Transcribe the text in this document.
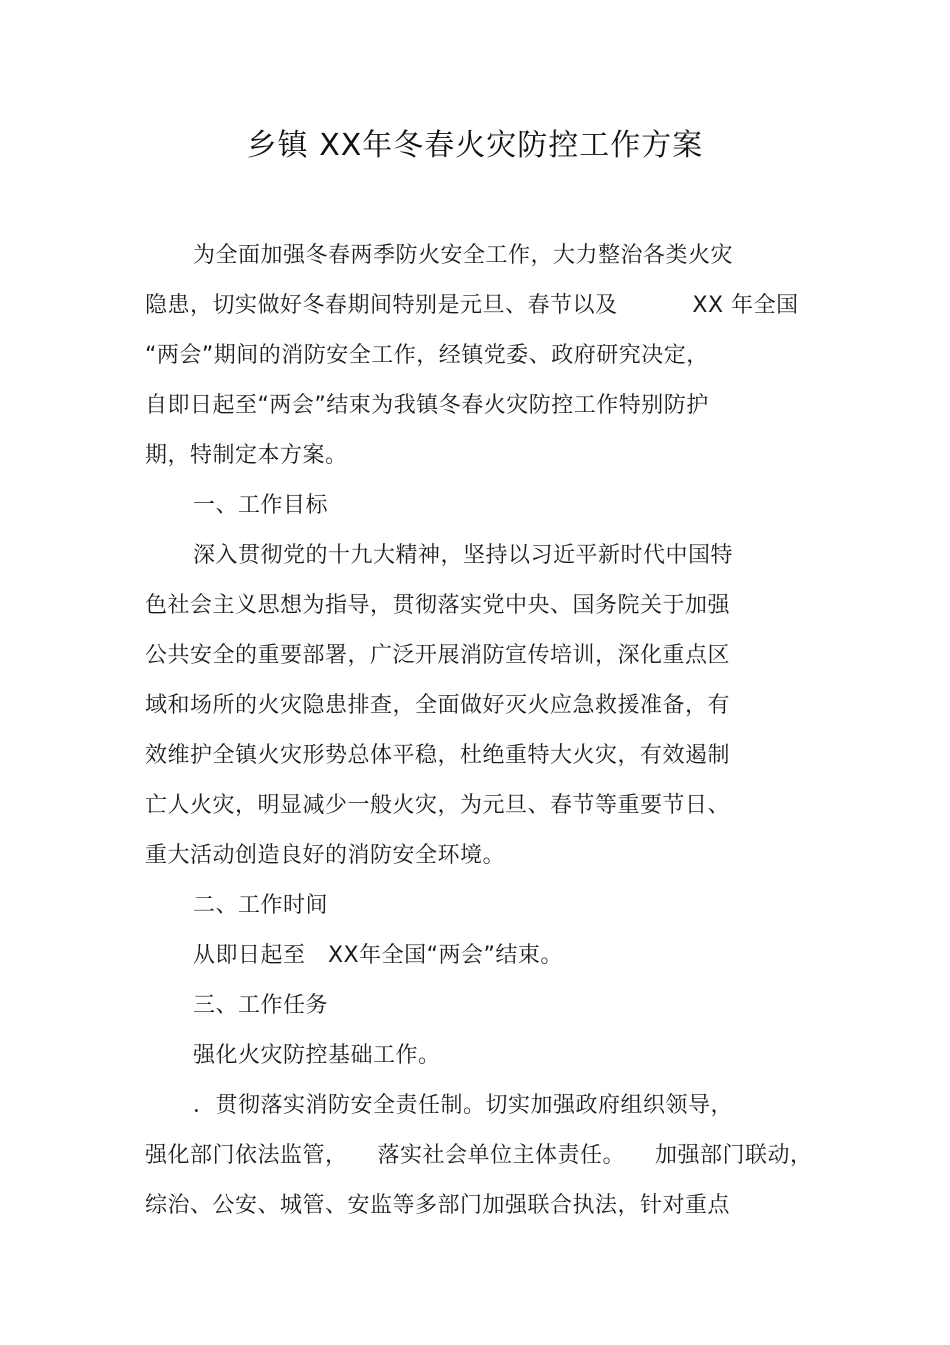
乡镇 XX年冬春火灾防控工作方案
为全面加强冬春两季防火安全工作，大力整治各类火灾
隐患，切实做好冬春期间特别是元旦、春节以及          XX 年全国
“两会”期间的消防安全工作，经镇党委、政府研究决定，
自即日起至“两会”结束为我镇冬春火灾防控工作特别防护
期，特制定本方案。
一、工作目标
深入贯彻党的十九大精神，坚持以习近平新时代中国特
色社会主义思想为指导，贯彻落实党中央、国务院关于加强
公共安全的重要部署，广泛开展消防宣传培训，深化重点区
域和场所的火灾隐患排查，全面做好灭火应急救援准备，有
效维护全镇火灾形势总体平稳，杜绝重特大火灾，有效遏制
亡人火灾，明显减少一般火灾，为元旦、春节等重要节日、
重大活动创造良好的消防安全环境。
二、工作时间
从即日起至   XX年全国“两会”结束。
三、工作任务
强化火灾防控基础工作。
．贯彻落实消防安全责任制。切实加强政府组织领导，
强化部门依法监管，    落实社会单位主体责任。    加强部门联动，
综治、公安、城管、安监等多部门加强联合执法，针对重点
